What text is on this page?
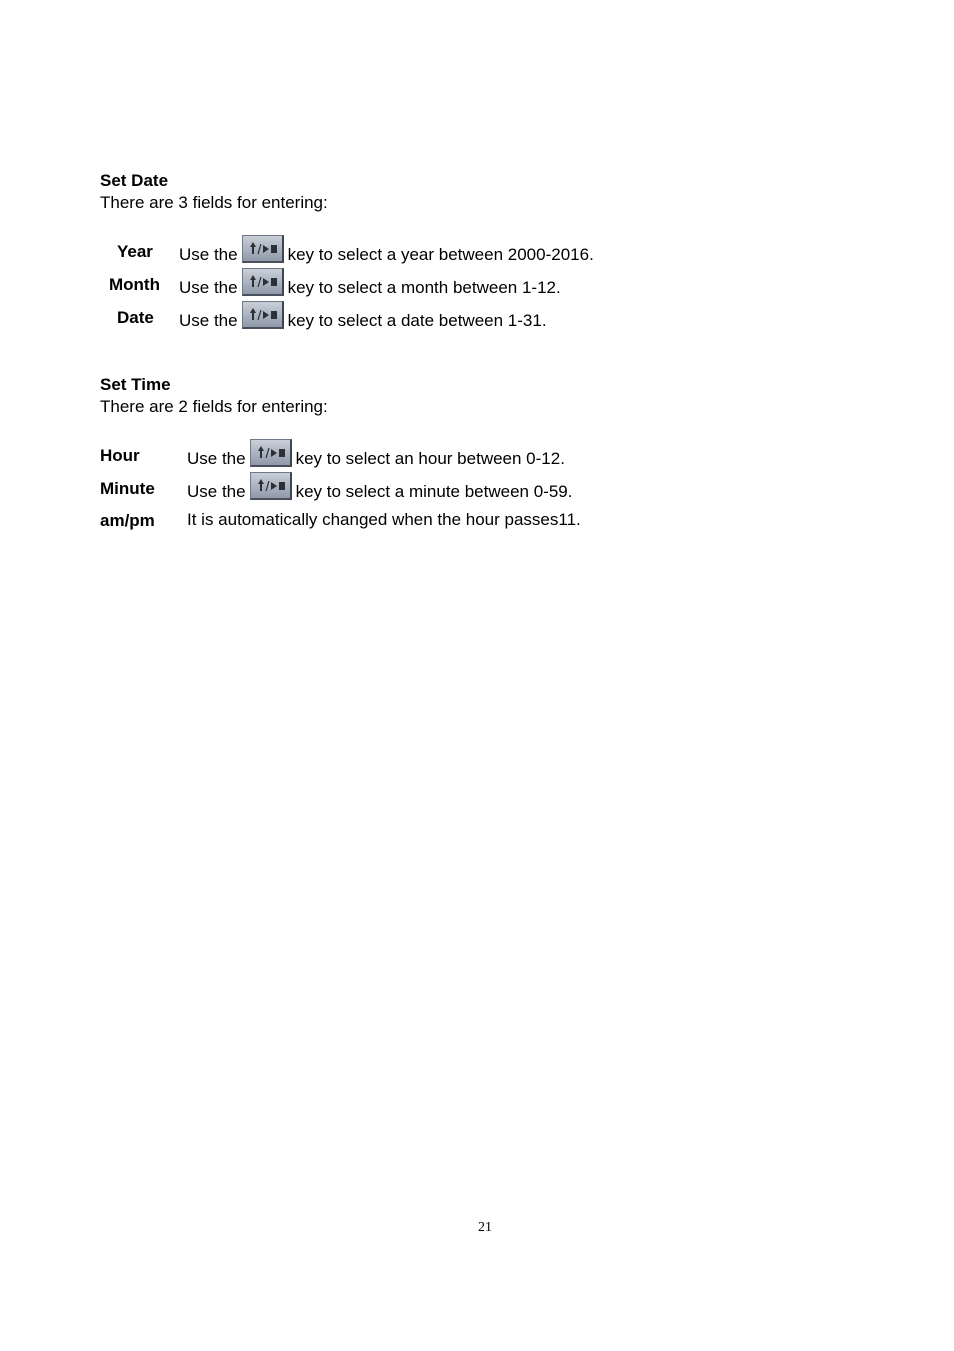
Set Date
There are 3 fields for entering:
Year Use the	key to select a year between 2000-2016.
Month Use the	key to select a month between 1-12.
Date Use the	key to select a date between 1-31.
Set Time
There are 2 fields for entering:
Hour	Use the	key to select an hour between 0-12.
Minute Use the	key to select a minute between 0-59.
am/pm It is automatically changed when the hour passes11.
21
